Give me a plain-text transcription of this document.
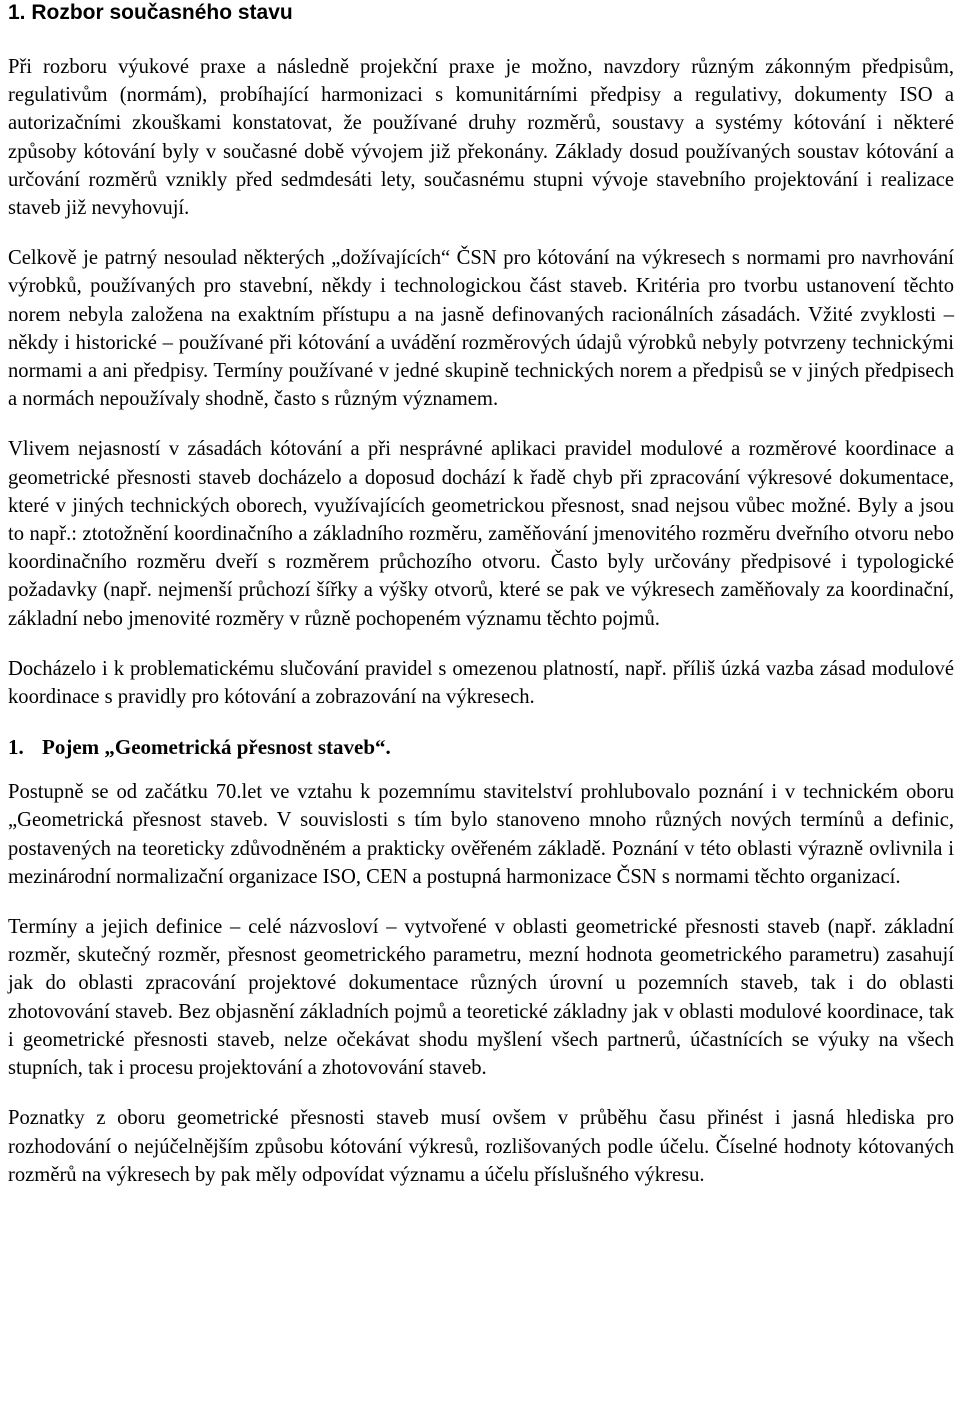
1. Rozbor současného stavu

Při rozboru výukové praxe a následně projekční praxe je možno, navzdory různým zákonným předpisům, regulativům (normám), probíhající harmonizaci s komunitárními předpisy a regulativy, dokumenty ISO a autorizačními zkouškami konstatovat, že používané druhy rozměrů, soustavy a systémy kótování i některé způsoby kótování byly v současné době vývojem již překonány. Základy dosud používaných soustav kótování a určování rozměrů vznikly před sedmdesáti lety, současnému stupni vývoje stavebního projektování i realizace staveb již nevyhovují.

Celkově je patrný nesoulad některých „dožívajících“ ČSN pro kótování na výkresech s normami pro navrhování výrobků, používaných pro stavební, někdy i technologickou část staveb. Kritéria pro tvorbu ustanovení těchto norem nebyla založena na exaktním přístupu a na jasně definovaných racionálních zásadách. Vžité zvyklosti – někdy i historické – používané při kótování a uvádění rozměrových údajů výrobků nebyly potvrzeny technickými normami a ani předpisy. Termíny používané v jedné skupině technických norem a předpisů se v jiných předpisech a normách nepoužívaly shodně, často s různým významem.

Vlivem nejasností v zásadách kótování a při nesprávné aplikaci pravidel modulové a rozměrové koordinace a geometrické přesnosti staveb docházelo a doposud dochází k řadě chyb při zpracování výkresové dokumentace, které v jiných technických oborech, využívajících geometrickou přesnost, snad nejsou vůbec možné. Byly a jsou to např.: ztotožnění koordinačního a základního rozměru, zaměňování jmenovitého rozměru dveřního otvoru nebo koordinačního rozměru dveří s rozměrem průchozího otvoru. Často byly určovány předpisové i typologické požadavky (např. nejmenší průchozí šířky a výšky otvorů, které se pak ve výkresech zaměňovaly za koordinační, základní nebo jmenovité rozměry v různě pochopeném významu těchto pojmů.

Docházelo i k problematickému slučování pravidel s omezenou platností, např. příliš úzká vazba zásad modulové koordinace s pravidly pro kótování a zobrazování na výkresech.

1. Pojem „Geometrická přesnost staveb“.

Postupně se od začátku 70.let ve vztahu k pozemnímu stavitelství prohlubovalo poznání i v technickém oboru „Geometrická přesnost staveb. V souvislosti s tím bylo stanoveno mnoho různých nových termínů a definic, postavených na teoreticky zdůvodněném a prakticky ověřeném základě. Poznání v této oblasti výrazně ovlivnila i mezinárodní normalizační organizace ISO, CEN a postupná harmonizace ČSN s normami těchto organizací.

Termíny a jejich definice – celé názvosloví – vytvořené v oblasti geometrické přesnosti staveb (např. základní rozměr, skutečný rozměr, přesnost geometrického parametru, mezní hodnota geometrického parametru) zasahují jak do oblasti zpracování projektové dokumentace různých úrovní u pozemních staveb, tak i do oblasti zhotovování staveb. Bez objasnění základních pojmů a teoretické základny jak v oblasti modulové koordinace, tak i geometrické přesnosti staveb, nelze očekávat shodu myšlení všech partnerů, účastnících se výuky na všech stupních, tak i procesu projektování a zhotovování staveb.

Poznatky z oboru geometrické přesnosti staveb musí ovšem v průběhu času přinést i jasná hlediska pro rozhodování o nejúčelnějším způsobu kótování výkresů, rozlišovaných podle účelu. Číselné hodnoty kótovaných rozměrů na výkresech by pak měly odpovídat významu a účelu příslušného výkresu.
